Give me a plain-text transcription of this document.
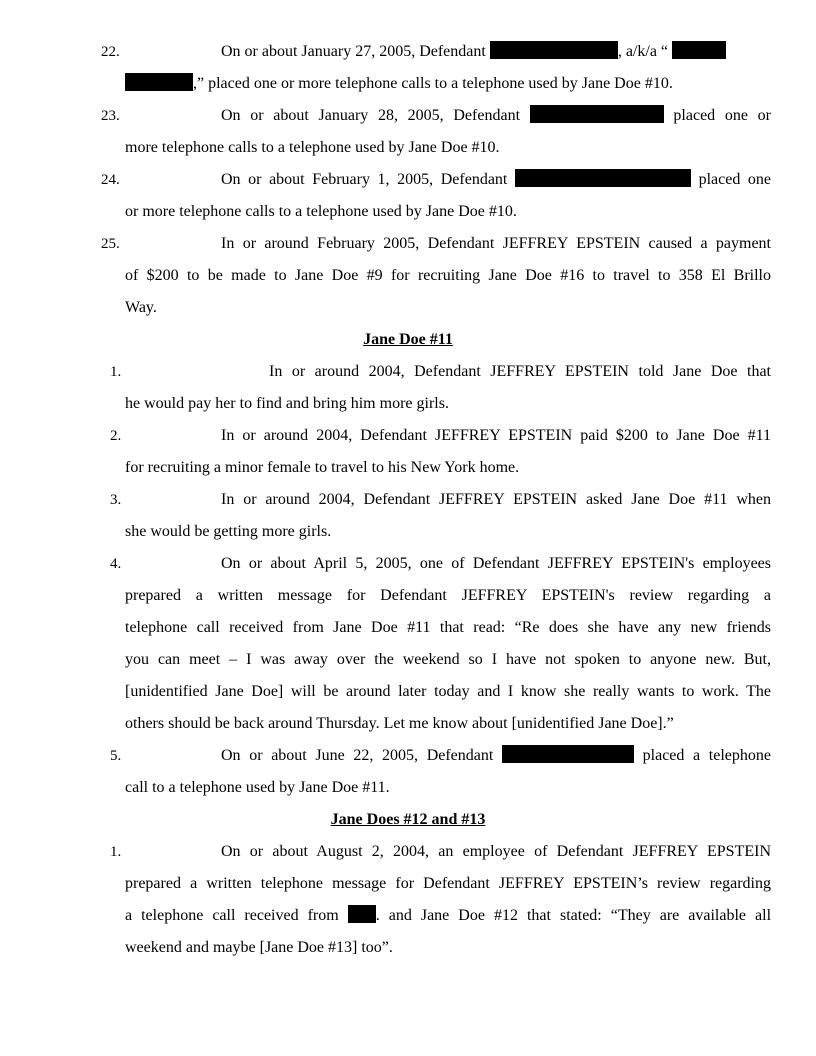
22.	On or about January 27, 2005, Defendant	, a/k/a “
,” placed one or more telephone calls to a telephone used by Jane Doe #10.
23.	On or about January 28, 2005, Defendant	placed one or
more telephone calls to a telephone used by Jane Doe #10.
24.	On or about February 1, 2005, Defendant	placed one
or more telephone calls to a telephone used by Jane Doe #10.
25.	In or around February 2005, Defendant JEFFREY EPSTEIN caused a payment
of $200 to be made to Jane Doe #9 for recruiting Jane Doe #16 to travel to 358 El Brillo
Way.
Jane Doe #11
1.	In or around 2004, Defendant JEFFREY EPSTEIN told Jane Doe that
he would pay her to find and bring him more girls.
2.	In or around 2004, Defendant JEFFREY EPSTEIN paid $200 to Jane Doe #11
for recruiting a minor female to travel to his New York home.
3.	In or around 2004, Defendant JEFFREY EPSTEIN asked Jane Doe #11 when
she would be getting more girls.
4.	On or about April 5, 2005, one of Defendant JEFFREY EPSTEIN's employees
prepared a written message for Defendant JEFFREY EPSTEIN's review regarding a
telephone call received from Jane Doe #11 that read: “Re does she have any new friends
you can meet – I was away over the weekend so I have not spoken to anyone new. But,
[unidentified Jane Doe] will be around later today and I know she really wants to work. The
others should be back around Thursday. Let me know about [unidentified Jane Doe].”
5.	On or about June 22, 2005, Defendant	placed a telephone
call to a telephone used by Jane Doe #11.
Jane Does #12 and #13
1.	On or about August 2, 2004, an employee of Defendant JEFFREY EPSTEIN
prepared a written telephone message for Defendant JEFFREY EPSTEIN’s review regarding
a telephone call received from . and Jane Doe #12 that stated: “They are available all
weekend and maybe [Jane Doe #13] too”.
